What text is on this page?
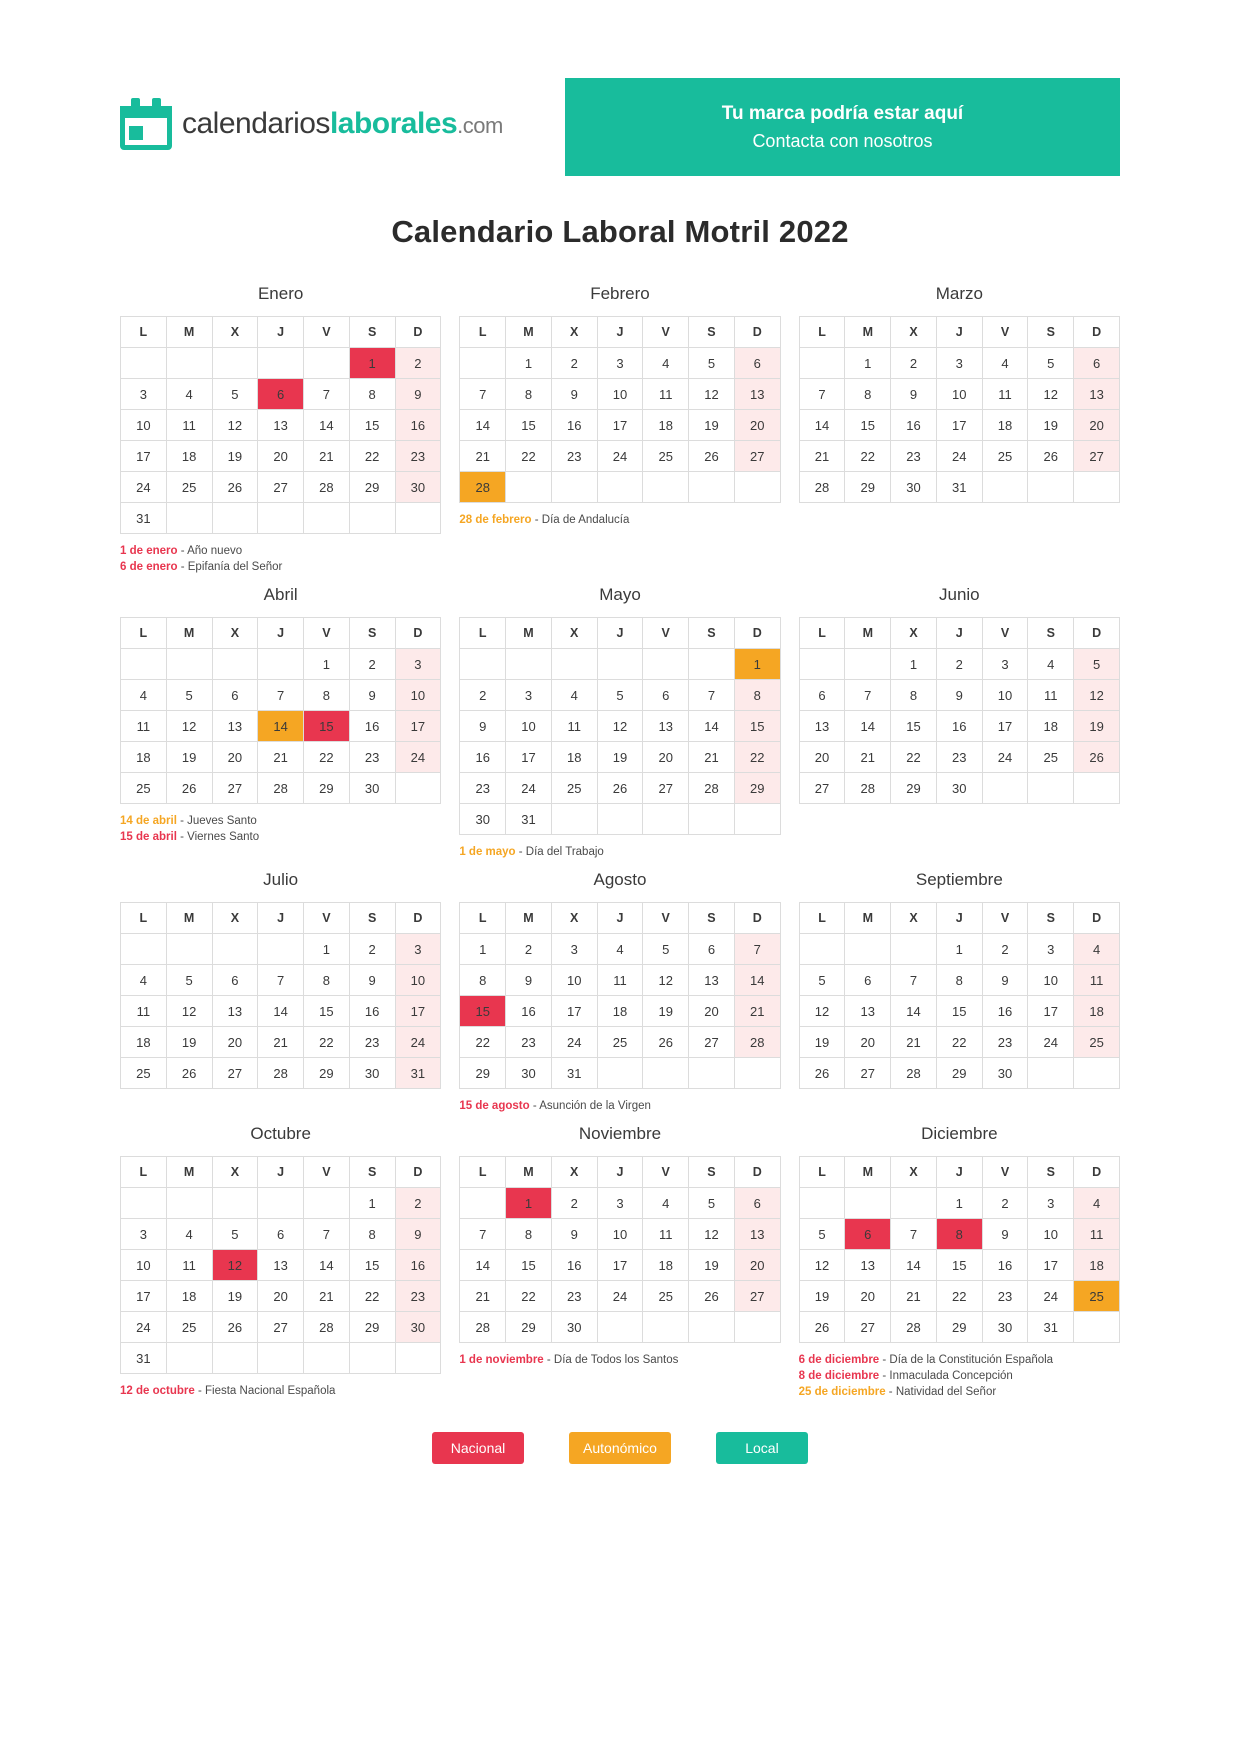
calendarioslaborales.com	Tu marca podría estar aquí
Contacta con nosotros
Calendario Laboral Motril 2022
Enero
L	M	X	J	V	S	D
					1	2
3	4	5	6	7	8	9
10	11	12	13	14	15	16
17	18	19	20	21	22	23
24	25	26	27	28	29	30
31						
1 de enero - Año nuevo
6 de enero - Epifanía del Señor
Febrero
L	M	X	J	V	S	D
	1	2	3	4	5	6
7	8	9	10	11	12	13
14	15	16	17	18	19	20
21	22	23	24	25	26	27
28						
28 de febrero - Día de Andalucía
Marzo
L	M	X	J	V	S	D
	1	2	3	4	5	6
7	8	9	10	11	12	13
14	15	16	17	18	19	20
21	22	23	24	25	26	27
28	29	30	31			
Abril
L	M	X	J	V	S	D
				1	2	3
4	5	6	7	8	9	10
11	12	13	14	15	16	17
18	19	20	21	22	23	24
25	26	27	28	29	30	
14 de abril - Jueves Santo
15 de abril - Viernes Santo
Mayo
L	M	X	J	V	S	D
						1
2	3	4	5	6	7	8
9	10	11	12	13	14	15
16	17	18	19	20	21	22
23	24	25	26	27	28	29
30	31					
1 de mayo - Día del Trabajo
Junio
L	M	X	J	V	S	D
		1	2	3	4	5
6	7	8	9	10	11	12
13	14	15	16	17	18	19
20	21	22	23	24	25	26
27	28	29	30			
Julio
L	M	X	J	V	S	D
				1	2	3
4	5	6	7	8	9	10
11	12	13	14	15	16	17
18	19	20	21	22	23	24
25	26	27	28	29	30	31
Agosto
L	M	X	J	V	S	D
1	2	3	4	5	6	7
8	9	10	11	12	13	14
15	16	17	18	19	20	21
22	23	24	25	26	27	28
29	30	31				
15 de agosto - Asunción de la Virgen
Septiembre
L	M	X	J	V	S	D
			1	2	3	4
5	6	7	8	9	10	11
12	13	14	15	16	17	18
19	20	21	22	23	24	25
26	27	28	29	30		
Octubre
L	M	X	J	V	S	D
					1	2
3	4	5	6	7	8	9
10	11	12	13	14	15	16
17	18	19	20	21	22	23
24	25	26	27	28	29	30
31						
12 de octubre - Fiesta Nacional Española
Noviembre
L	M	X	J	V	S	D
	1	2	3	4	5	6
7	8	9	10	11	12	13
14	15	16	17	18	19	20
21	22	23	24	25	26	27
28	29	30				
1 de noviembre - Día de Todos los Santos
Diciembre
L	M	X	J	V	S	D
			1	2	3	4
5	6	7	8	9	10	11
12	13	14	15	16	17	18
19	20	21	22	23	24	25
26	27	28	29	30	31	
6 de diciembre - Día de la Constitución Española
8 de diciembre - Inmaculada Concepción
25 de diciembre - Natividad del Señor
Nacional	Autonómico	Local
